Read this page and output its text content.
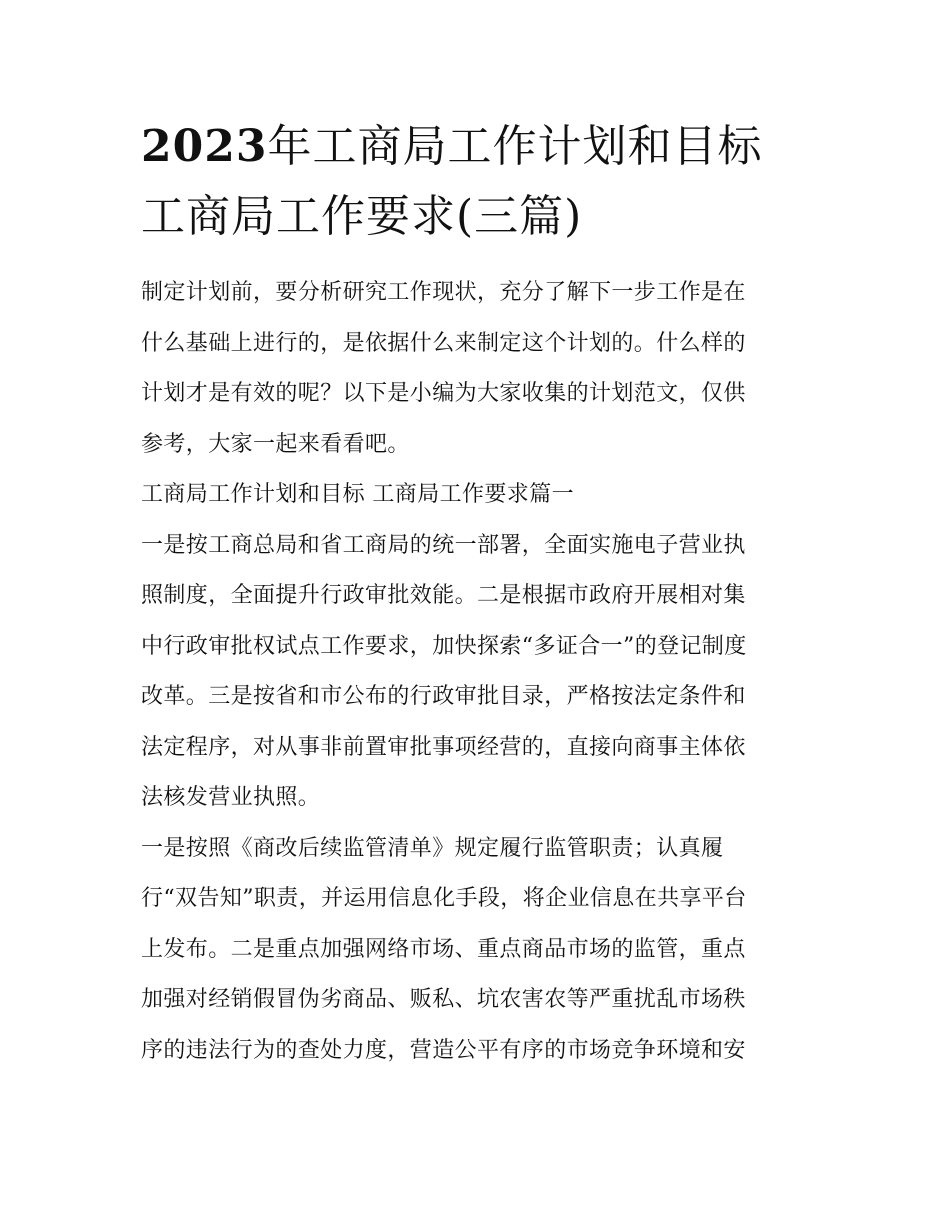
2023年工商局工作计划和目标
工商局工作要求(三篇)

制定计划前，要分析研究工作现状，充分了解下一步工作是在
什么基础上进行的，是依据什么来制定这个计划的。什么样的
计划才是有效的呢？以下是小编为大家收集的计划范文，仅供
参考，大家一起来看看吧。

工商局工作计划和目标 工商局工作要求篇一

一是按工商总局和省工商局的统一部署，全面实施电子营业执
照制度，全面提升行政审批效能。二是根据市政府开展相对集
中行政审批权试点工作要求，加快探索“多证合一”的登记制度
改革。三是按省和市公布的行政审批目录，严格按法定条件和
法定程序，对从事非前置审批事项经营的，直接向商事主体依
法核发营业执照。

一是按照《商改后续监管清单》规定履行监管职责；认真履
行“双告知”职责，并运用信息化手段，将企业信息在共享平台
上发布。二是重点加强网络市场、重点商品市场的监管，重点
加强对经销假冒伪劣商品、贩私、坑农害农等严重扰乱市场秩
序的违法行为的查处力度，营造公平有序的市场竞争环境和安
